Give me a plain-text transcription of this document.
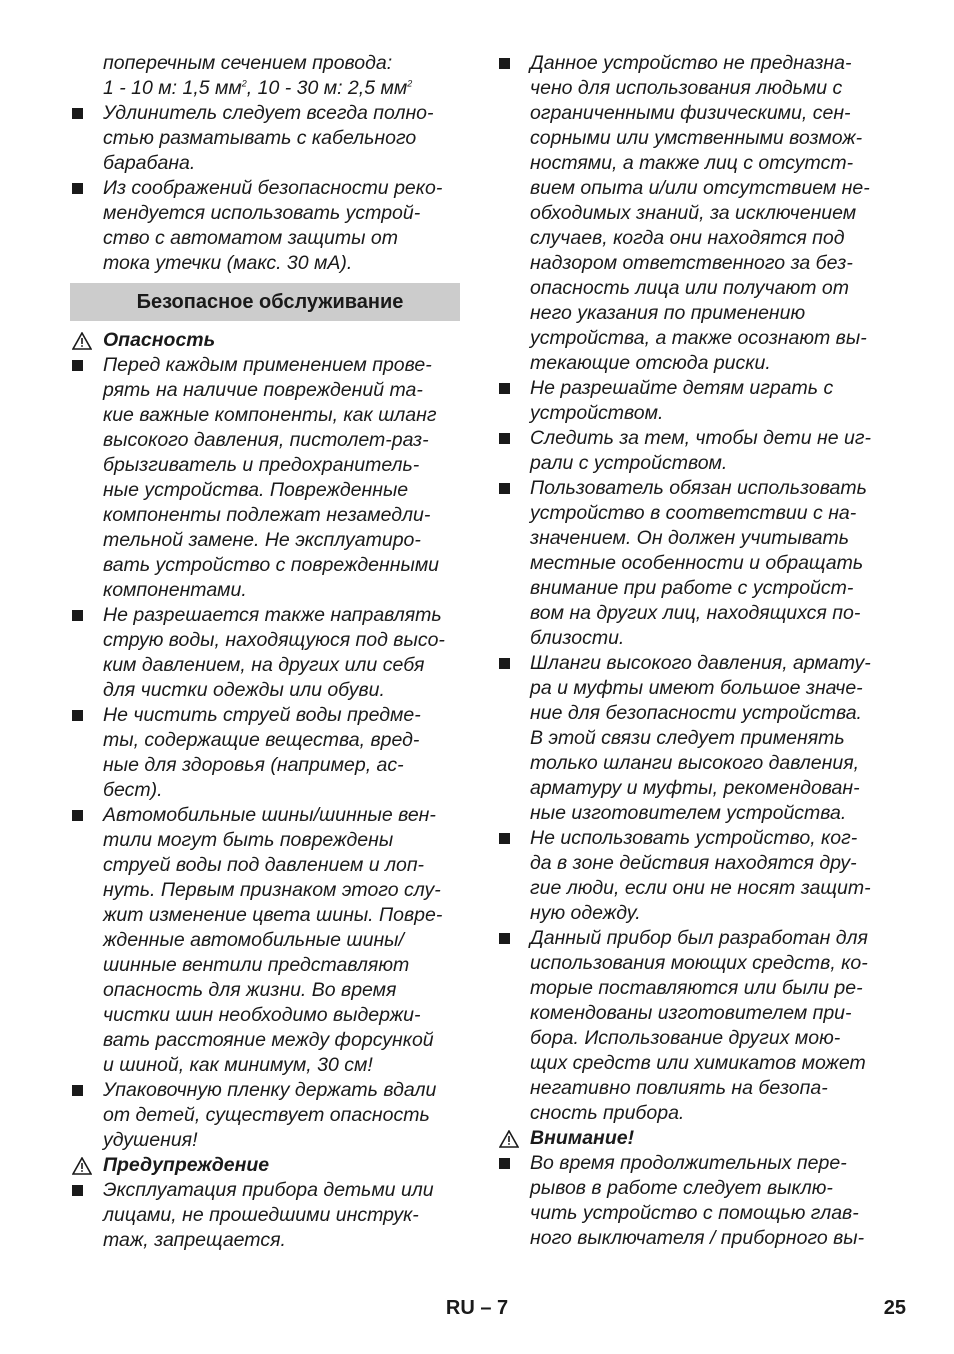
поперечным сечением провода:
1 - 10 м: 1,5 $мм^2$, 10 - 30 м: 2,5 $мм^2$
Удлинитель следует всегда полно-
стью разматывать с кабельного
барабана.
Из соображений безопасности реко-
мендуется использовать устрой-
ство с автоматом защиты от
тока утечки (макс. 30 мА).
Безопасное обслуживание
Опасность
Перед каждым применением прове-
рять на наличие повреждений та-
кие важные компоненты, как шланг
высокого давления, пистолет-раз-
брызгиватель и предохранитель-
ные устройства. Поврежденные
компоненты подлежат незамедли-
тельной замене. Не эксплуатиро-
вать устройство с поврежденными
компонентами.
Не разрешается также направлять
струю воды, находящуюся под высо-
ким давлением, на других или себя
для чистки одежды или обуви.
Не чистить струей воды предме-
ты, содержащие вещества, вред-
ные для здоровья (например, ас-
бест).
Автомобильные шины/шинные вен-
тили могут быть повреждены
струей воды под давлением и лоп-
нуть. Первым признаком этого слу-
жит изменение цвета шины. Повре-
жденные автомобильные шины/
шинные вентили представляют
опасность для жизни. Во время
чистки шин необходимо выдержи-
вать расстояние между форсункой
и шиной, как минимум, 30 см!
Упаковочную пленку держать вдали
от детей, существует опасность
удушения!
Предупреждение
Эксплуатация прибора детьми или
лицами, не прошедшими инструк-
таж, запрещается.
Данное устройство не предназна-
чено для использования людьми с
ограниченными физическими, сен-
сорными или умственными возмож-
ностями, а также лиц с отсутст-
вием опыта и/или отсутствием не-
обходимых знаний, за исключением
случаев, когда они находятся под
надзором ответственного за без-
опасность лица или получают от
него указания по применению
устройства, а также осознают вы-
текающие отсюда риски.
Не разрешайте детям играть с
устройством.
Следить за тем, чтобы дети не иг-
рали с устройством.
Пользователь обязан использовать
устройство в соответствии с на-
значением. Он должен учитывать
местные особенности и обращать
внимание при работе с устройст-
вом на других лиц, находящихся по-
близости.
Шланги высокого давления, армату-
ра и муфты имеют большое значе-
ние для безопасности устройства.
В этой связи следует применять
только шланги высокого давления,
арматуру и муфты, рекомендован-
ные изготовителем устройства.
Не использовать устройство, ког-
да в зоне действия находятся дру-
гие люди, если они не носят защит-
ную одежду.
Данный прибор был разработан для
использования моющих средств, ко-
торые поставляются или были ре-
комендованы изготовителем при-
бора. Использование других мою-
щих средств или химикатов может
негативно повлиять на безопа-
сность прибора.
Внимание!
Во время продолжительных пере-
рывов в работе следует выклю-
чить устройство с помощью глав-
ного выключателя / приборного вы-
RU – 7	25
